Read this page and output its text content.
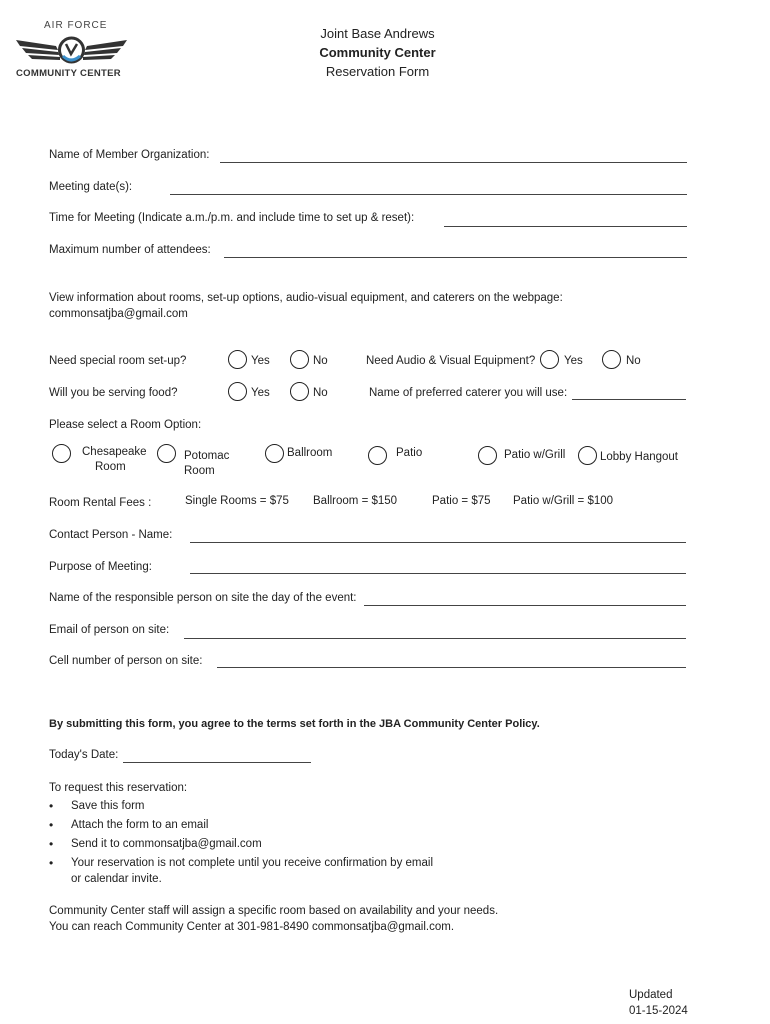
AIR FORCE
COMMUNITY CENTER
Joint Base Andrews
Community Center
Reservation Form
Name of Member Organization:
Meeting date(s):
Time for Meeting (Indicate a.m./p.m. and include time to set up & reset):
Maximum number of attendees:
View information about rooms, set-up options, audio-visual equipment, and caterers on the webpage:
commonsatjba@gmail.com
Need special room set-up?	Yes	No	Need Audio & Visual Equipment?	Yes	No
Will you be serving food?	Yes	No	Name of preferred caterer you will use:
Please select a Room Option:
Chesapeake
Room
Potomac
Room
Ballroom	Patio	Patio w/Grill	Lobby Hangout
Room Rental Fees :	Single Rooms = $75 Ballroom = $150	Patio = $75 Patio w/Grill = $100
Contact Person - Name:
Purpose of Meeting:
Name of the responsible person on site the day of the event:
Email of person on site:
Cell number of person on site:
By submitting this form, you agree to the terms set forth in the JBA Community Center Policy.
Today's Date:
To request this reservation:
• Save this form
• Attach the form to an email
• Send it to commonsatjba@gmail.com
• Your reservation is not complete until you receive confirmation by email
or calendar invite.
Community Center staff will assign a specific room based on availability and your needs.
You can reach Community Center at 301-981-8490 commonsatjba@gmail.com.
Updated
01-15-2024
